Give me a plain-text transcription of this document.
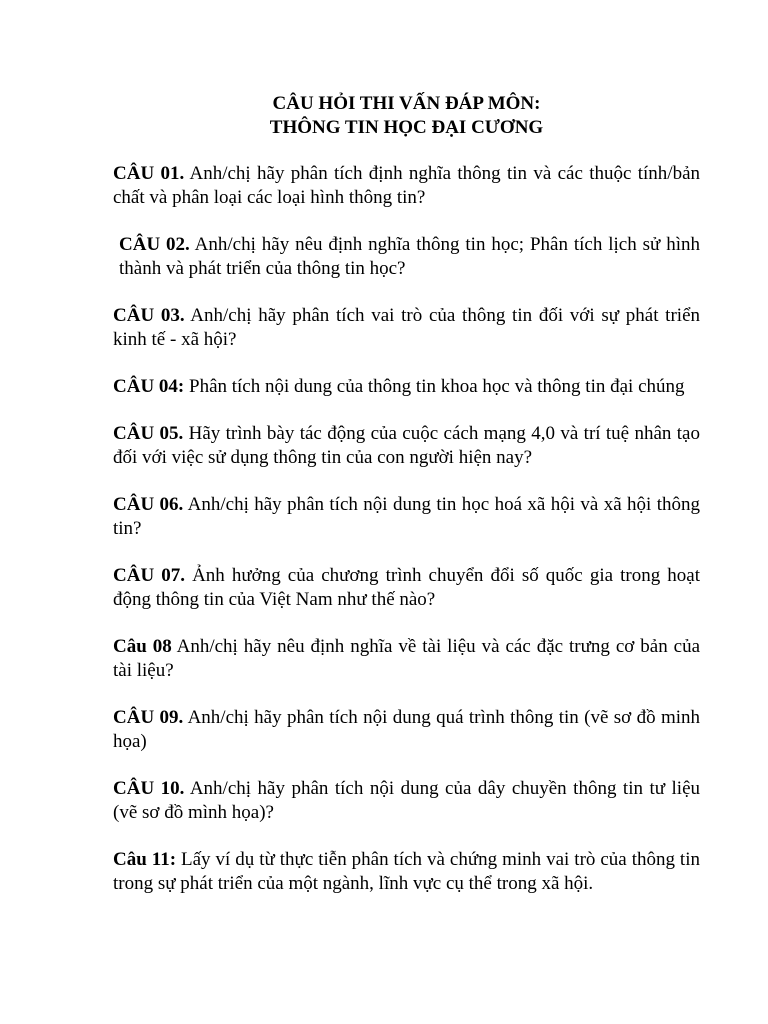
CÂU HỎI THI VẤN ĐÁP MÔN:
THÔNG TIN HỌC ĐẠI CƯƠNG

CÂU 01. Anh/chị hãy phân tích định nghĩa thông tin và các thuộc tính/bản chất và phân loại các loại hình thông tin?

CÂU 02. Anh/chị hãy nêu định nghĩa thông tin học; Phân tích lịch sử hình thành và phát triển của thông tin học?

CÂU 03. Anh/chị hãy phân tích vai trò của thông tin đối với sự phát triển kinh tế - xã hội?

CÂU 04: Phân tích nội dung của thông tin khoa học và thông tin đại chúng

CÂU 05. Hãy trình bày tác động của cuộc cách mạng 4,0 và trí tuệ nhân tạo đối với việc sử dụng thông tin của con người hiện nay?

CÂU 06. Anh/chị hãy phân tích nội dung tin học hoá xã hội và xã hội thông tin?

CÂU 07. Ảnh hưởng của chương trình chuyển đổi số quốc gia trong hoạt động thông tin của Việt Nam như thế nào?

Câu 08 Anh/chị hãy nêu định nghĩa về tài liệu và các đặc trưng cơ bản của tài liệu?

CÂU 09. Anh/chị hãy phân tích nội dung quá trình thông tin (vẽ sơ đồ minh họa)

CÂU 10. Anh/chị hãy phân tích nội dung của dây chuyền thông tin tư liệu (vẽ sơ đồ mình họa)?

Câu 11: Lấy ví dụ từ thực tiễn phân tích và chứng minh vai trò của thông tin trong sự phát triển của một ngành, lĩnh vực cụ thể trong xã hội.
